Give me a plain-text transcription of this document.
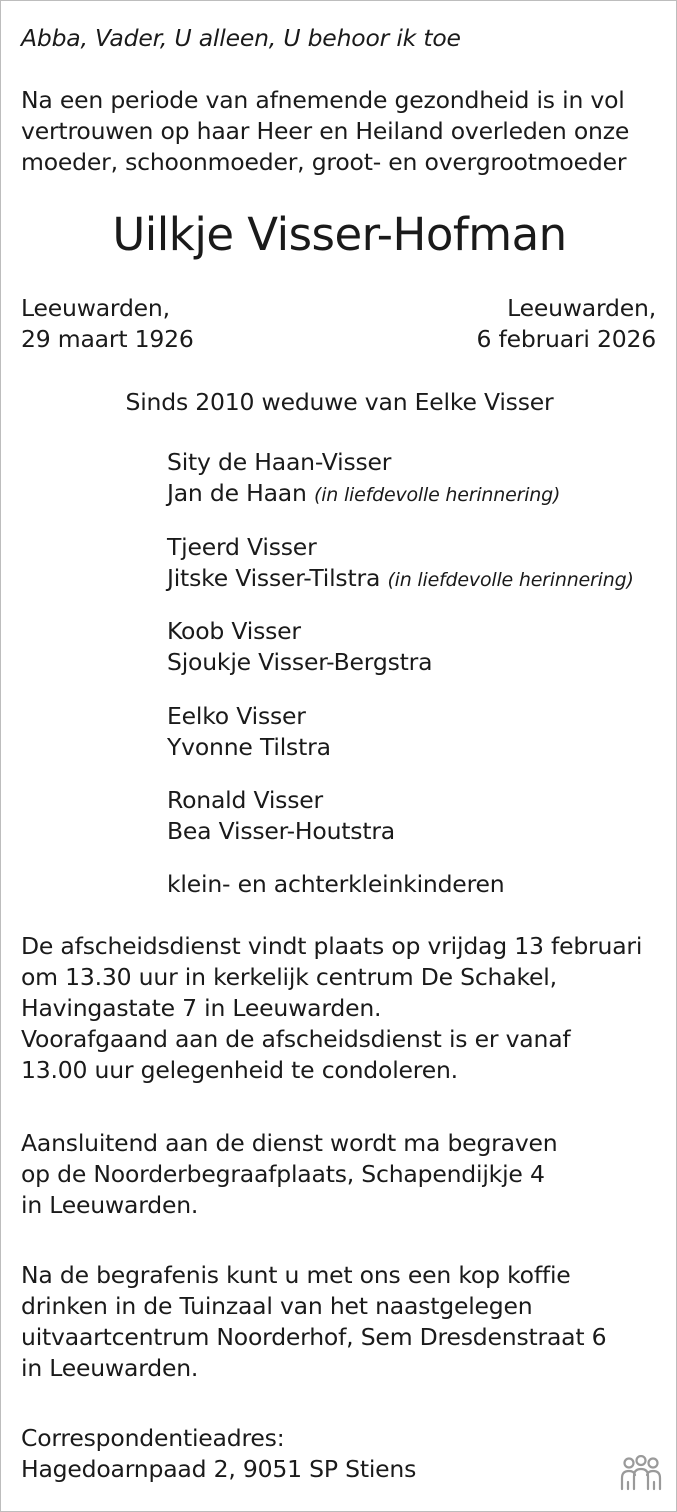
Abba, Vader, U alleen, U behoor ik toe
Na een periode van afnemende gezondheid is in vol
vertrouwen op haar Heer en Heiland overleden onze
moeder, schoonmoeder, groot- en overgrootmoeder
Uilkje Visser-Hofman
Leeuwarden,
29 maart 1926
Leeuwarden,
6 februari 2026
Sinds 2010 weduwe van Eelke Visser
Sity de Haan-Visser
Jan de Haan (in liefdevolle herinnering)
Tjeerd Visser
Jitske Visser-Tilstra (in liefdevolle herinnering)
Koob Visser
Sjoukje Visser-Bergstra
Eelko Visser
Yvonne Tilstra
Ronald Visser
Bea Visser-Houtstra
klein- en achterkleinkinderen
De afscheidsdienst vindt plaats op vrijdag 13 februari
om 13.30 uur in kerkelijk centrum De Schakel,
Havingastate 7 in Leeuwarden.
Voorafgaand aan de afscheidsdienst is er vanaf
13.00 uur gelegenheid te condoleren.
Aansluitend aan de dienst wordt ma begraven
op de Noorderbegraafplaats, Schapendijkje 4
in Leeuwarden.
Na de begrafenis kunt u met ons een kop koffie
drinken in de Tuinzaal van het naastgelegen
uitvaartcentrum Noorderhof, Sem Dresdenstraat 6
in Leeuwarden.
Correspondentieadres:
Hagedoarnpaad 2, 9051 SP Stiens
